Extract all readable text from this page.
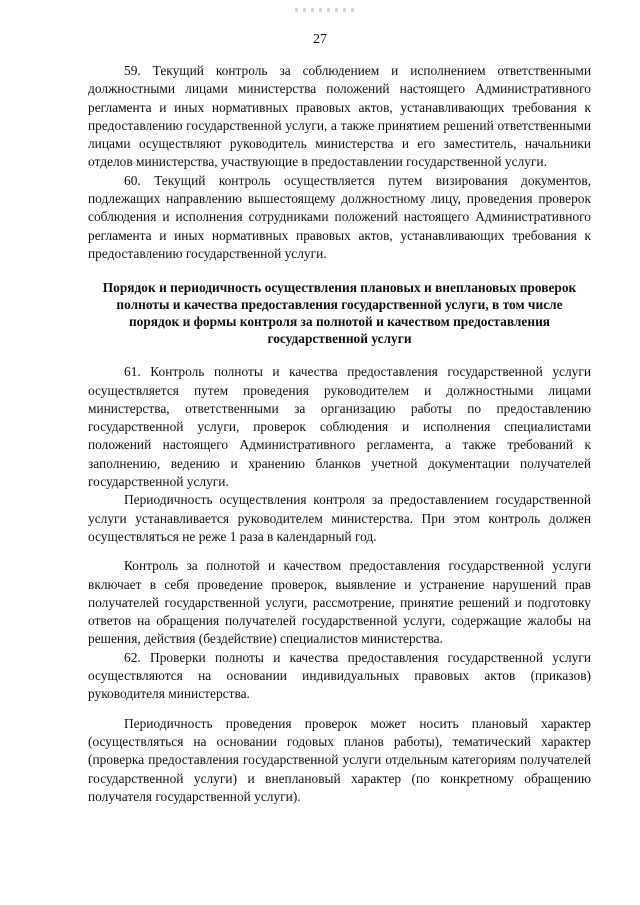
27

59. Текущий контроль за соблюдением и исполнением ответственными должностными лицами министерства положений настоящего Административного регламента и иных нормативных правовых актов, устанавливающих требования к предоставлению государственной услуги, а также принятием решений ответственными лицами осуществляют руководитель министерства и его заместитель, начальники отделов министерства, участвующие в предоставлении государственной услуги.

60. Текущий контроль осуществляется путем визирования документов, подлежащих направлению вышестоящему должностному лицу, проведения проверок соблюдения и исполнения сотрудниками положений настоящего Административного регламента и иных нормативных правовых актов, устанавливающих требования к предоставлению государственной услуги.

Порядок и периодичность осуществления плановых и внеплановых проверок полноты и качества предоставления государственной услуги, в том числе порядок и формы контроля за полнотой и качеством предоставления государственной услуги

61. Контроль полноты и качества предоставления государственной услуги осуществляется путем проведения руководителем и должностными лицами министерства, ответственными за организацию работы по предоставлению государственной услуги, проверок соблюдения и исполнения специалистами положений настоящего Административного регламента, а также требований к заполнению, ведению и хранению бланков учетной документации получателей государственной услуги.

Периодичность осуществления контроля за предоставлением государственной услуги устанавливается руководителем министерства. При этом контроль должен осуществляться не реже 1 раза в календарный год.

Контроль за полнотой и качеством предоставления государственной услуги включает в себя проведение проверок, выявление и устранение нарушений прав получателей государственной услуги, рассмотрение, принятие решений и подготовку ответов на обращения получателей государственной услуги, содержащие жалобы на решения, действия (бездействие) специалистов министерства.

62. Проверки полноты и качества предоставления государственной услуги осуществляются на основании индивидуальных правовых актов (приказов) руководителя министерства.

Периодичность проведения проверок может носить плановый характер (осуществляться на основании годовых планов работы), тематический характер (проверка предоставления государственной услуги отдельным категориям получателей государственной услуги) и внеплановый характер (по конкретному обращению получателя государственной услуги).
